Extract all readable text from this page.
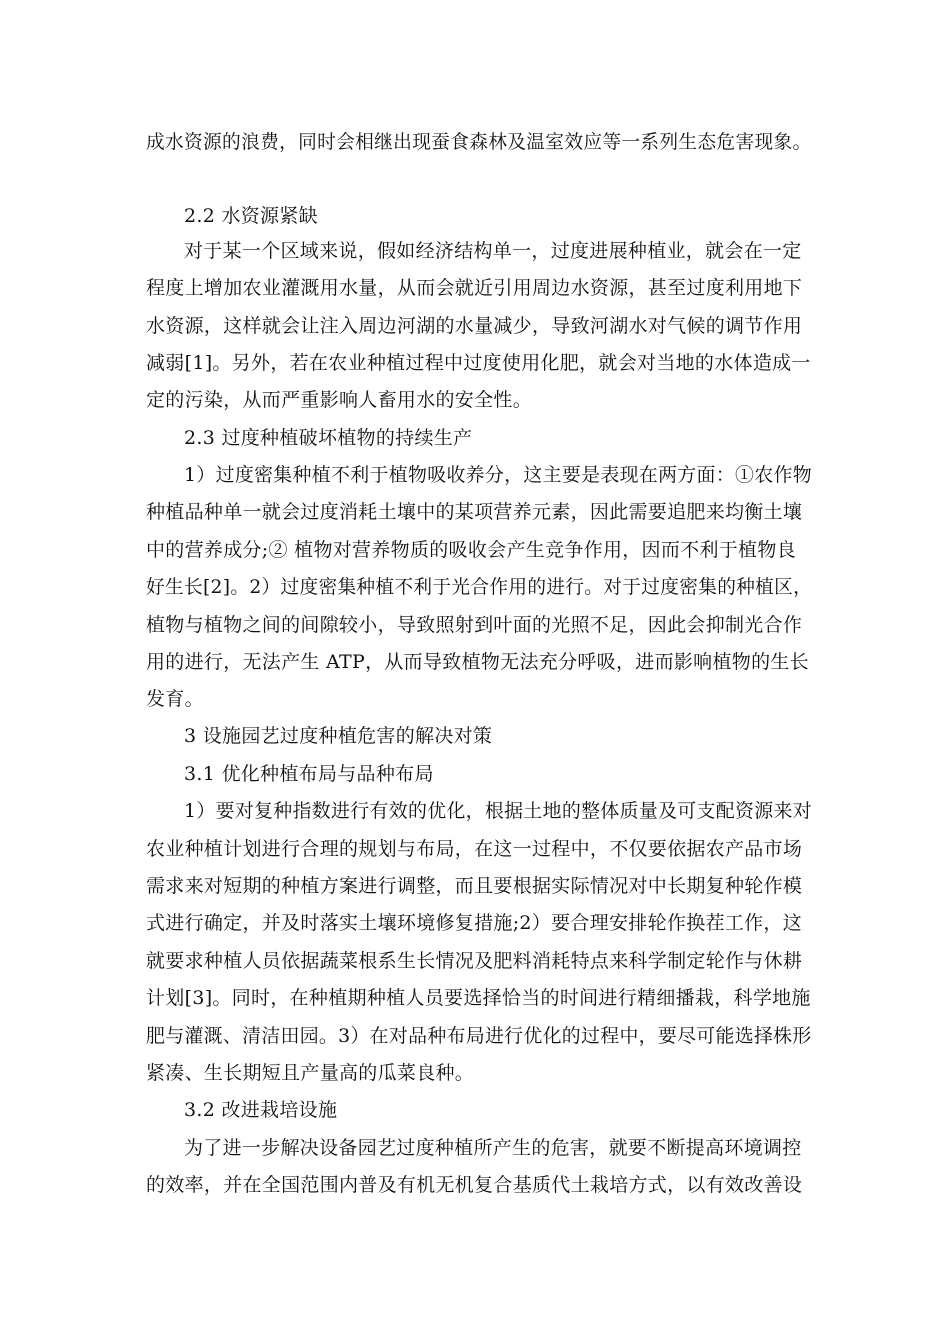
成水资源的浪费，同时会相继出现蚕食森林及温室效应等一系列生态危害现象。
2.2 水资源紧缺
对于某一个区域来说，假如经济结构单一，过度进展种植业，就会在一定
程度上增加农业灌溉用水量，从而会就近引用周边水资源，甚至过度利用地下
水资源，这样就会让注入周边河湖的水量减少，导致河湖水对气候的调节作用
减弱[1]。另外，若在农业种植过程中过度使用化肥，就会对当地的水体造成一
定的污染，从而严重影响人畜用水的安全性。
2.3 过度种植破坏植物的持续生产
1）过度密集种植不利于植物吸收养分，这主要是表现在两方面：①农作物
种植品种单一就会过度消耗土壤中的某项营养元素，因此需要追肥来均衡土壤
中的营养成分;② 植物对营养物质的吸收会产生竞争作用，因而不利于植物良
好生长[2]。2）过度密集种植不利于光合作用的进行。对于过度密集的种植区，
植物与植物之间的间隙较小，导致照射到叶面的光照不足，因此会抑制光合作
用的进行，无法产生 ATP，从而导致植物无法充分呼吸，进而影响植物的生长
发育。
3 设施园艺过度种植危害的解决对策
3.1 优化种植布局与品种布局
1）要对复种指数进行有效的优化，根据土地的整体质量及可支配资源来对
农业种植计划进行合理的规划与布局，在这一过程中，不仅要依据农产品市场
需求来对短期的种植方案进行调整，而且要根据实际情况对中长期复种轮作模
式进行确定，并及时落实土壤环境修复措施;2）要合理安排轮作换茬工作，这
就要求种植人员依据蔬菜根系生长情况及肥料消耗特点来科学制定轮作与休耕
计划[3]。同时，在种植期种植人员要选择恰当的时间进行精细播栽，科学地施
肥与灌溉、清洁田园。3）在对品种布局进行优化的过程中，要尽可能选择株形
紧凑、生长期短且产量高的瓜菜良种。
3.2 改进栽培设施
为了进一步解决设备园艺过度种植所产生的危害，就要不断提高环境调控
的效率，并在全国范围内普及有机无机复合基质代土栽培方式，以有效改善设
